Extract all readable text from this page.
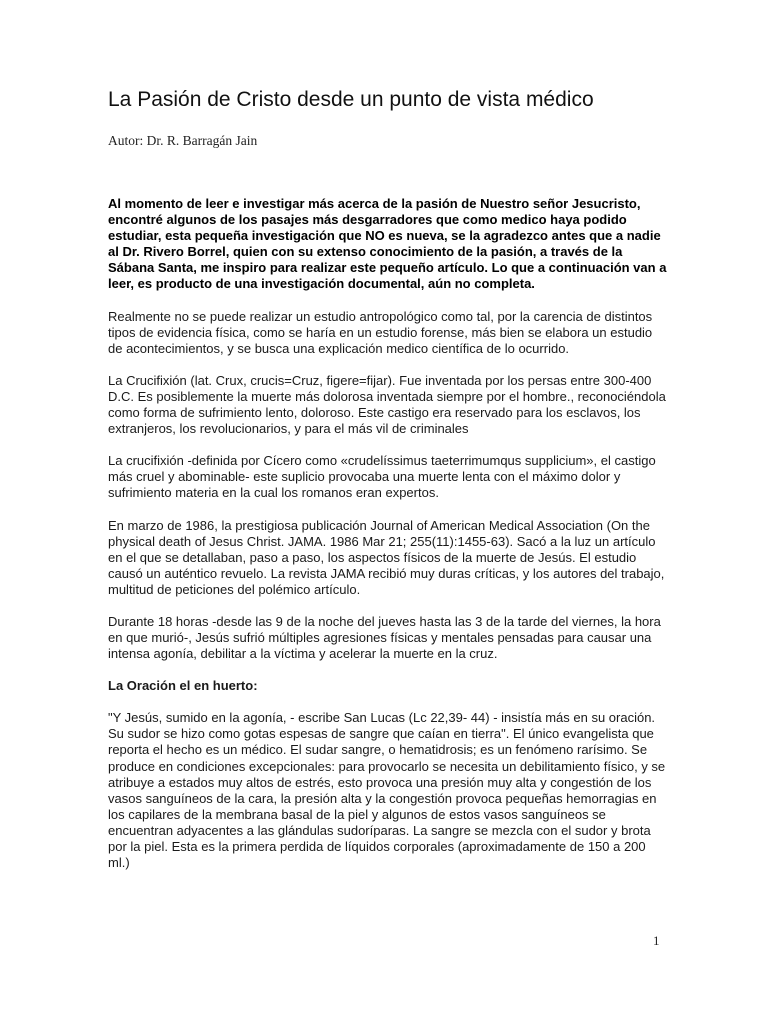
La Pasión de Cristo desde un punto de vista médico

Autor: Dr. R. Barragán Jain

Al momento de leer e investigar más acerca de la pasión de Nuestro señor Jesucristo, encontré algunos de los pasajes más desgarradores que como medico haya podido estudiar, esta pequeña investigación que NO es nueva, se la agradezco antes que a nadie al Dr. Rivero Borrel, quien con su extenso conocimiento de la pasión, a través de la Sábana Santa, me inspiro para realizar este pequeño artículo. Lo que a continuación van a leer, es producto de una investigación documental, aún no completa.

Realmente no se puede realizar un estudio antropológico como tal, por la carencia de distintos tipos de evidencia física, como se haría en un estudio forense, más bien se elabora un estudio de acontecimientos, y se busca una explicación medico científica de lo ocurrido.

La Crucifixión (lat. Crux, crucis=Cruz, figere=fijar). Fue inventada por los persas entre 300-400 D.C. Es posiblemente la muerte más dolorosa inventada siempre por el hombre., reconociéndola como forma de sufrimiento lento, doloroso. Este castigo era reservado para los esclavos, los extranjeros, los revolucionarios, y para el más vil de criminales

La crucifixión -definida por Cícero como «crudelíssimus taeterrimumqus supplicium», el castigo más cruel y abominable- este suplicio provocaba una muerte lenta con el máximo dolor y sufrimiento materia en la cual los romanos eran expertos.

En marzo de 1986, la prestigiosa publicación Journal of American Medical Association (On the physical death of Jesus Christ. JAMA. 1986 Mar 21; 255(11):1455-63). Sacó a la luz un artículo en el que se detallaban, paso a paso, los aspectos físicos de la muerte de Jesús. El estudio causó un auténtico revuelo. La revista JAMA recibió muy duras críticas, y los autores del trabajo, multitud de peticiones del polémico artículo.

Durante 18 horas -desde las 9 de la noche del jueves hasta las 3 de la tarde del viernes, la hora en que murió-, Jesús sufrió múltiples agresiones físicas y mentales pensadas para causar una intensa agonía, debilitar a la víctima y acelerar la muerte en la cruz.

La Oración el en huerto:

"Y Jesús, sumido en la agonía, - escribe San Lucas (Lc 22,39- 44) - insistía más en su oración. Su sudor se hizo como gotas espesas de sangre que caían en tierra". El único evangelista que reporta el hecho es un médico. El sudar sangre, o hematidrosis; es un fenómeno rarísimo. Se produce en condiciones excepcionales: para provocarlo se necesita un debilitamiento físico, y se atribuye a estados muy altos de estrés, esto provoca una presión muy alta y congestión de los vasos sanguíneos de la cara, la presión alta y la congestión provoca pequeñas hemorragias en los capilares de la membrana basal de la piel y algunos de estos vasos sanguíneos se encuentran adyacentes a las glándulas sudoríparas. La sangre se mezcla con el sudor y brota por la piel. Esta es la primera perdida de líquidos corporales (aproximadamente de 150 a 200 ml.)

1
